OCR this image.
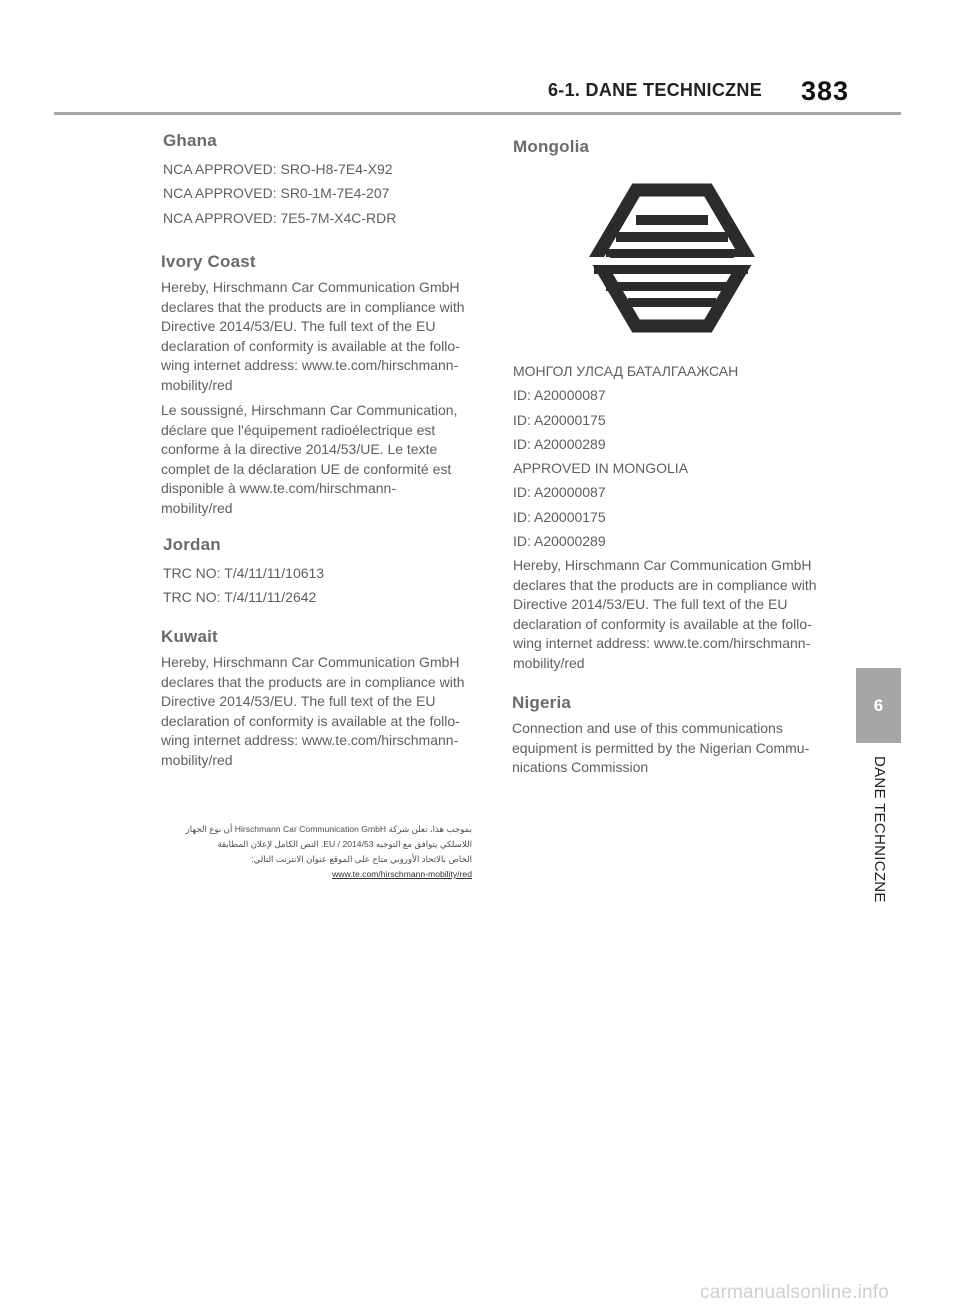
6-1. DANE TECHNICZNE 383
Ghana
NCA APPROVED: SRO-H8-7E4-X92
NCA APPROVED: SR0-1M-7E4-207
NCA APPROVED: 7E5-7M-X4C-RDR
Ivory Coast
Hereby, Hirschmann Car Communication GmbH
declares that the products are in compliance with
Directive 2014/53/EU. The full text of the EU
declaration of conformity is available at the follo-
wing internet address: www.te.com/hirschmann-
mobility/red
Le soussigné, Hirschmann Car Communication,
déclare que l'équipement radioélectrique est
conforme à la directive 2014/53/UE. Le texte
complet de la déclaration UE de conformité est
disponible à www.te.com/hirschmann-
mobility/red
Jordan
TRC NO: T/4/11/11/10613
TRC NO: T/4/11/11/2642
Kuwait
Hereby, Hirschmann Car Communication GmbH
declares that the products are in compliance with
Directive 2014/53/EU. The full text of the EU
declaration of conformity is available at the follo-
wing internet address: www.te.com/hirschmann-
mobility/red
بموجب هذا، تعلن شركة Hirschmann Car Communication GmbH أن نوع الجهاز
اللاسلكي يتوافق مع التوجيه 2014/53 / EU. النص الكامل لإعلان المطابقة
الخاص بالاتحاد الأوروبي متاح على الموقع عنوان الانترنت التالي:
www.te.com/hirschmann-mobility/red
Mongolia
МОНГОЛ УЛСАД БАТАЛГААЖСАН
ID: A20000087
ID: A20000175
ID: A20000289
APPROVED IN MONGOLIA
ID: A20000087
ID: A20000175
ID: A20000289
Hereby, Hirschmann Car Communication GmbH
declares that the products are in compliance with
Directive 2014/53/EU. The full text of the EU
declaration of conformity is available at the follo-
wing internet address: www.te.com/hirschmann-
mobility/red
Nigeria
Connection and use of this communications
equipment is permitted by the Nigerian Commu-
nications Commission
6
DANE TECHNICZNE
carmanualsonline.info
